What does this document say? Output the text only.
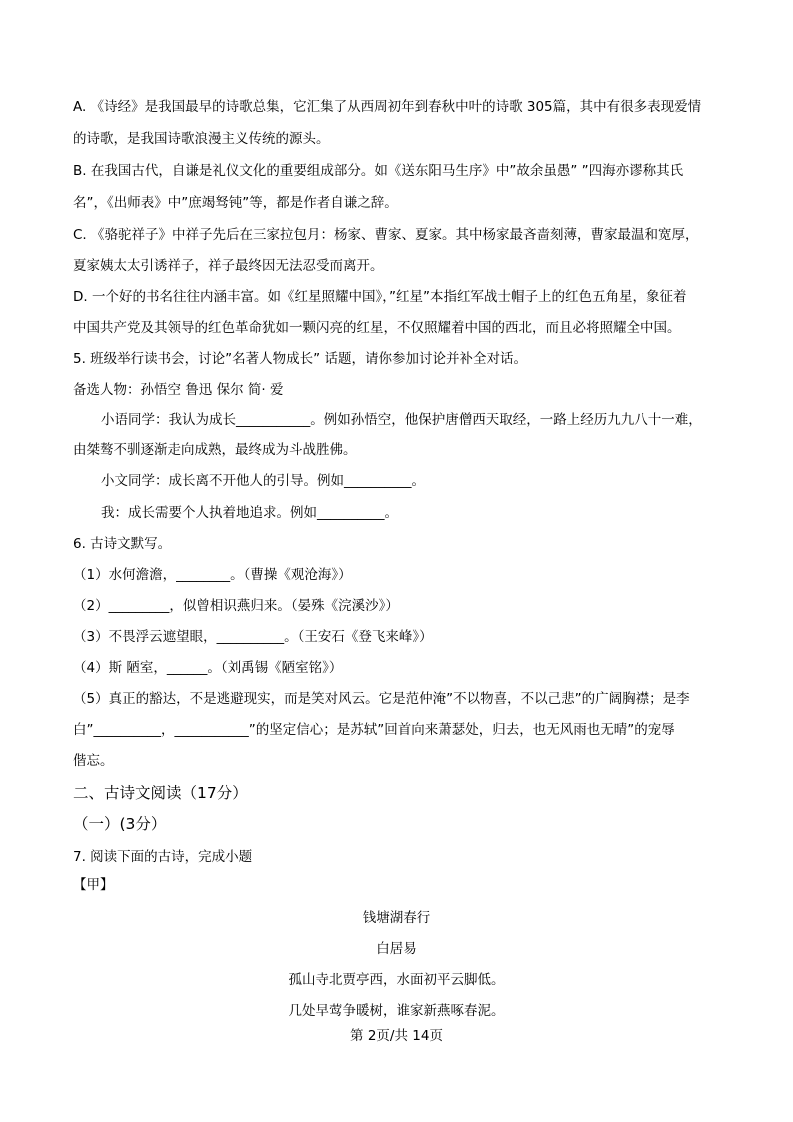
A. 《诗经》是我国最早的诗歌总集，它汇集了从西周初年到春秋中叶的诗歌 305篇，其中有很多表现爱情
的诗歌，是我国诗歌浪漫主义传统的源头。
B. 在我国古代，自谦是礼仪文化的重要组成部分。如《送东阳马生序》中”故余虽愚” ”四海亦谬称其氏
名”，《出师表》中”庶竭驽钝”等，都是作者自谦之辞。
C. 《骆驼祥子》中祥子先后在三家拉包月：杨家、曹家、夏家。其中杨家最吝啬刻薄，曹家最温和宽厚，
夏家姨太太引诱祥子，祥子最终因无法忍受而离开。
D. 一个好的书名往往内涵丰富。如《红星照耀中国》，”红星”本指红军战士帽子上的红色五角星，象征着
中国共产党及其领导的红色革命犹如一颗闪亮的红星，不仅照耀着中国的西北，而且必将照耀全中国。
5. 班级举行读书会，讨论”名著人物成长” 话题，请你参加讨论并补全对话。
备选人物：孙悟空 鲁迅 保尔 简· 爱
小语同学：我认为成长___________。例如孙悟空，他保护唐僧西天取经，一路上经历九九八十一难，
由桀骜不驯逐渐走向成熟，最终成为斗战胜佛。
小文同学：成长离不开他人的引导。例如__________。
我：成长需要个人执着地追求。例如__________。
6. 古诗文默写。
（1）水何澹澹，________。（曹操《观沧海》）
（2）_________，似曾相识燕归来。（晏殊《浣溪沙》）
（3）不畏浮云遮望眼，__________。（王安石《登飞来峰》）
（4）斯 陋室，______。（刘禹锡《陋室铭》）
（5）真正的豁达，不是逃避现实，而是笑对风云。它是范仲淹”不以物喜，不以己悲”的广阔胸襟；是李
白”__________，___________”的坚定信心；是苏轼”回首向来萧瑟处，归去，也无风雨也无晴”的宠辱
偕忘。
二、古诗文阅读（17分）
（一）(3分）
7. 阅读下面的古诗，完成小题
【甲】
钱塘湖春行
白居易
孤山寺北贾亭西，水面初平云脚低。
几处早莺争暖树，谁家新燕啄春泥。
第 2页/共 14页
